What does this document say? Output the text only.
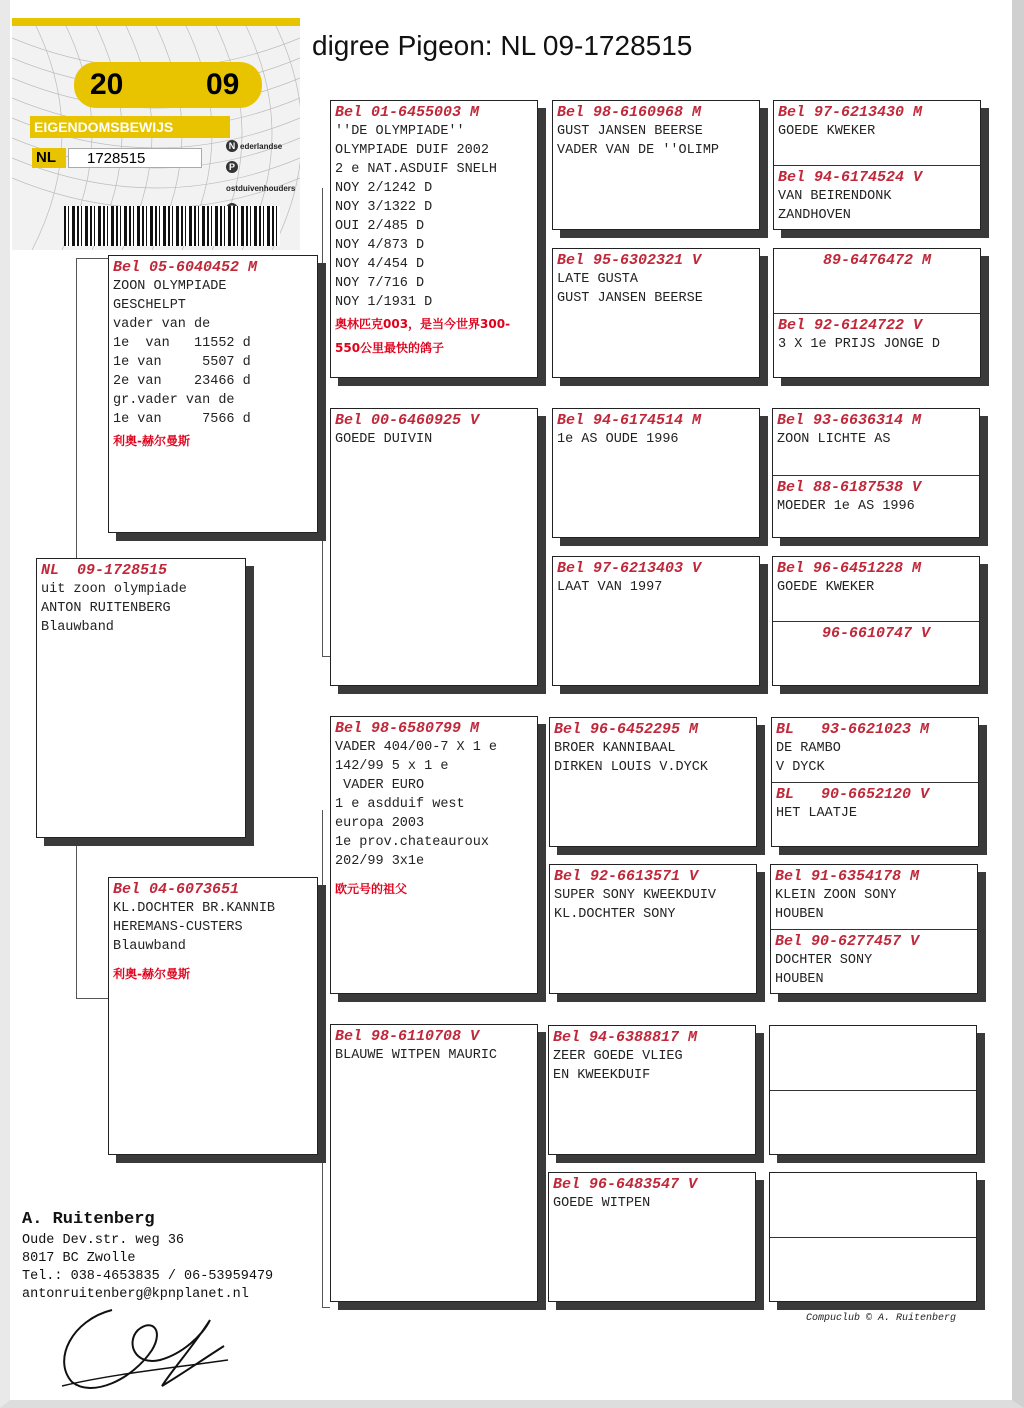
digree Pigeon: NL 09-1728515
20	09
EIGENDOMSBEWIJS
NL	1728515
N ederlandse
Postduivenhouders
NL  09-1728515
uit zoon olympiade
ANTON RUITENBERG
Blauwband
Bel 05-6040452 M
ZOON OLYMPIADE
GESCHELPT
vader van de
1e  van   11552 d
1e van     5507 d
2e van    23466 d
gr.vader van de
1e van     7566 d
利奥-赫尔曼斯
Bel 04-6073651
KL.DOCHTER BR.KANNIB
HEREMANS-CUSTERS
Blauwband
利奥-赫尔曼斯
Bel 01-6455003 M
''DE OLYMPIADE''
OLYMPIADE DUIF 2002
2 e NAT.ASDUIF SNELH
NOY 2/1242 D
NOY 3/1322 D
OUI 2/485 D
NOY 4/873 D
NOY 4/454 D
NOY 7/716 D
NOY 1/1931 D
奥林匹克003，是当今世界300-
550公里最快的鸽子
Bel 00-6460925 V
GOEDE DUIVIN
Bel 98-6580799 M
VADER 404/00-7 X 1 e
142/99 5 x 1 e
VADER EURO
1 e asdduif west
europa 2003
1e prov.chateauroux
202/99 3x1e
欧元号的祖父
Bel 98-6110708 V
BLAUWE WITPEN MAURIC
Bel 98-6160968 M
GUST JANSEN BEERSE
VADER VAN DE ''OLIMP
Bel 95-6302321 V
LATE GUSTA
GUST JANSEN BEERSE
Bel 94-6174514 M
1e AS OUDE 1996
Bel 97-6213403 V
LAAT VAN 1997
Bel 96-6452295 M
BROER KANNIBAAL
DIRKEN LOUIS V.DYCK
Bel 92-6613571 V
SUPER SONY KWEEKDUIV
KL.DOCHTER SONY
Bel 94-6388817 M
ZEER GOEDE VLIEG
EN KWEEKDUIF
Bel 96-6483547 V
GOEDE WITPEN
Bel 97-6213430 M
GOEDE KWEKER
Bel 94-6174524 V
VAN BEIRENDONK
ZANDHOVEN
89-6476472 M
Bel 92-6124722 V
3 X 1e PRIJS JONGE D
Bel 93-6636314 M
ZOON LICHTE AS
Bel 88-6187538 V
MOEDER 1e AS 1996
Bel 96-6451228 M
GOEDE KWEKER
96-6610747 V
BL   93-6621023 M
DE RAMBO
V DYCK
BL   90-6652120 V
HET LAATJE
Bel 91-6354178 M
KLEIN ZOON SONY
HOUBEN
Bel 90-6277457 V
DOCHTER SONY
HOUBEN
A. Ruitenberg
Oude Dev.str. weg 36
8017 BC Zwolle
Tel.: 038-4653835 / 06-53959479
antonruitenberg@kpnplanet.nl
Compuclub © A. Ruitenberg
